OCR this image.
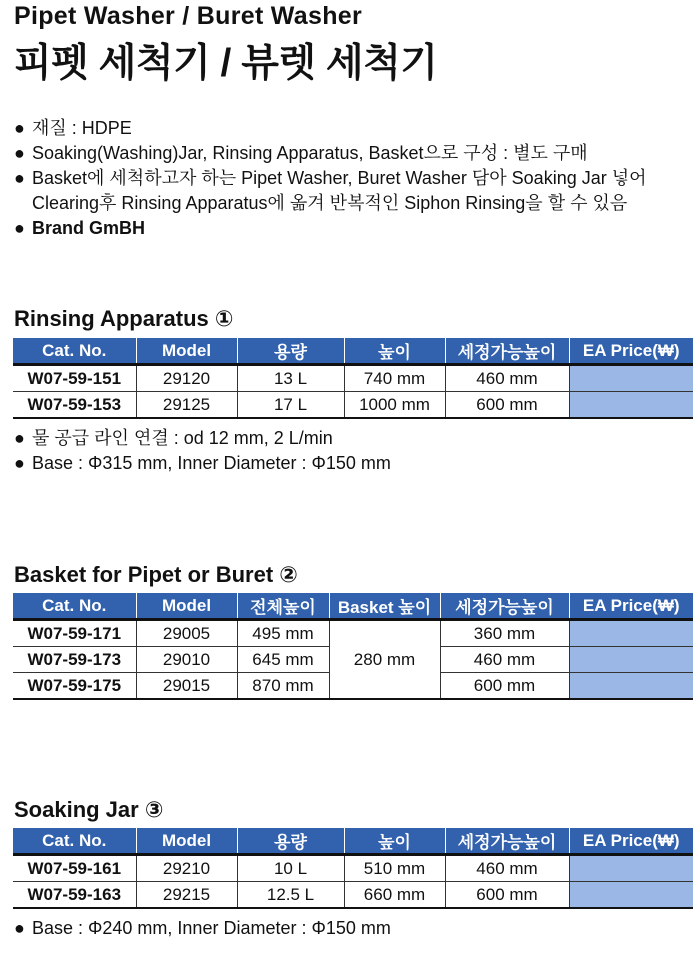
Pipet Washer / Buret Washer
피펫 세척기 / 뷰렛 세척기
● 재질 : HDPE
● Soaking(Washing)Jar, Rinsing Apparatus, Basket으로 구성 : 별도 구매
● Basket에 세척하고자 하는 Pipet Washer, Buret Washer 담아 Soaking Jar 넣어
Clearing후 Rinsing Apparatus에 옮겨 반복적인 Siphon Rinsing을 할 수 있음
● Brand GmBH
Rinsing Apparatus ①
Cat. No.	Model	용량	높이	세정가능높이	EA Price(₩)
W07-59-151	29120	13 L	740 mm	460 mm	
W07-59-153	29125	17 L	1000 mm	600 mm	
● 물 공급 라인 연결 : od 12 mm, 2 L/min
● Base : Φ315 mm, Inner Diameter : Φ150 mm
Basket for Pipet or Buret ②
Cat. No.	Model	전체높이	Basket 높이	세정가능높이	EA Price(₩)
W07-59-171	29005	495 mm	280 mm	360 mm	
W07-59-173	29010	645 mm		460 mm	
W07-59-175	29015	870 mm		600 mm	
Soaking Jar ③
Cat. No.	Model	용량	높이	세정가능높이	EA Price(₩)
W07-59-161	29210	10 L	510 mm	460 mm	
W07-59-163	29215	12.5 L	660 mm	600 mm	
● Base : Φ240 mm, Inner Diameter : Φ150 mm
